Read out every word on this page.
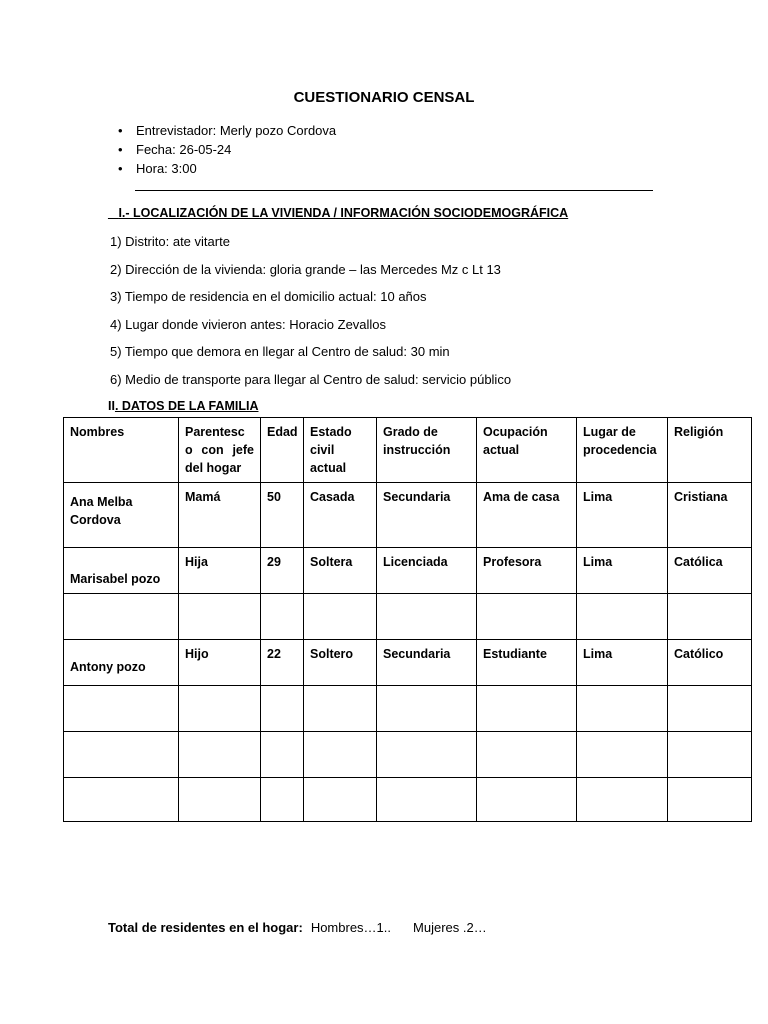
CUESTIONARIO CENSAL
• Entrevistador: Merly pozo Cordova
• Fecha: 26-05-24
• Hora: 3:00
_ I.- LOCALIZACIÓN DE LA VIVIENDA / INFORMACIÓN SOCIODEMOGRÁFICA
1) Distrito: ate vitarte
2) Dirección de la vivienda: gloria grande – las Mercedes Mz c Lt 13
3) Tiempo de residencia en el domicilio actual: 10 años
4) Lugar donde vivieron antes: Horacio Zevallos
5) Tiempo que demora en llegar al Centro de salud: 30 min
6) Medio de transporte para llegar al Centro de salud: servicio público
II. DATOS DE LA FAMILIA
Nombres	Parentesc o con jefe del hogar	Edad	Estado civil actual	Grado de instrucción	Ocupación actual	Lugar de procedencia	Religión
Ana Melba Cordova	Mamá	50	Casada	Secundaria	Ama de casa	Lima	Cristiana
Marisabel pozo	Hija	29	Soltera	Licenciada	Profesora	Lima	Católica

Antony pozo	Hijo	22	Soltero	Secundaria	Estudiante	Lima	Católico

Total de residentes en el hogar: Hombres…1.. Mujeres .2…
